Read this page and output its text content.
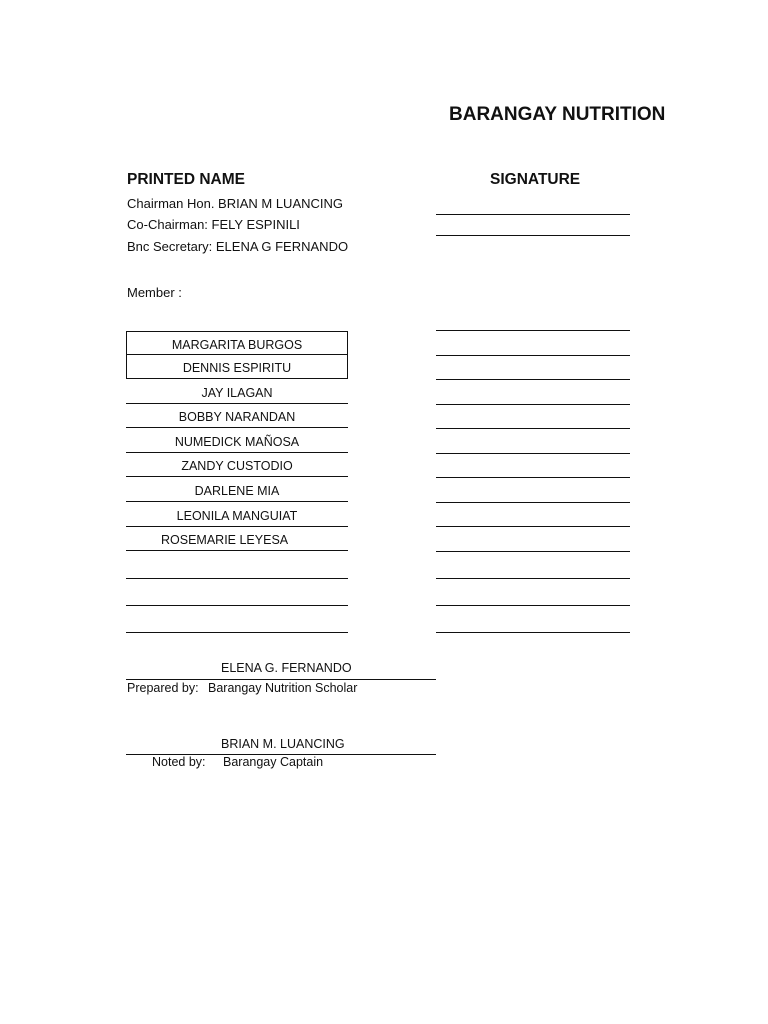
BARANGAY NUTRITION
PRINTED NAME	SIGNATURE
Chairman Hon. BRIAN M LUANCING
Co-Chairman: FELY ESPINILI
Bnc Secretary: ELENA G FERNANDO
Member :
MARGARITA BURGOS
DENNIS ESPIRITU
JAY ILAGAN
BOBBY NARANDAN
NUMEDICK MAÑOSA
ZANDY CUSTODIO
DARLENE MIA
LEONILA MANGUIAT
ROSEMARIE LEYESA
ELENA G. FERNANDO
Prepared by: Barangay Nutrition Scholar
BRIAN M. LUANCING
Noted by: Barangay Captain
